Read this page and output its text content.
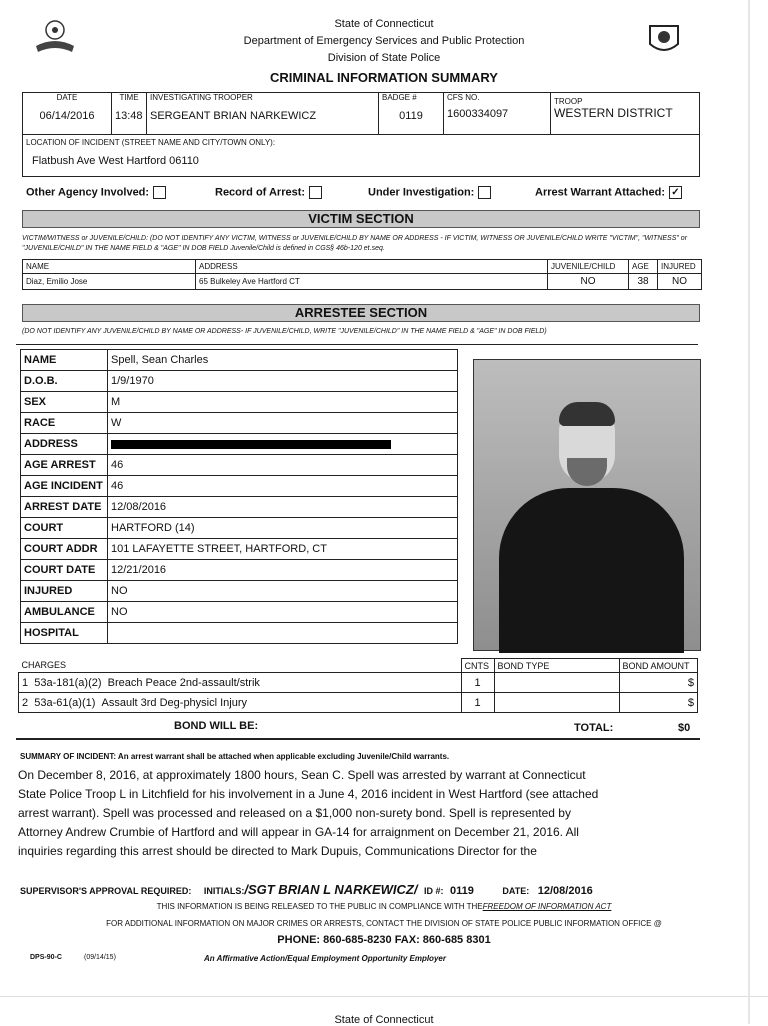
State of Connecticut
Department of Emergency Services and Public Protection
Division of State Police
CRIMINAL INFORMATION SUMMARY
DATE
06/14/2016

TIME
13:48

INVESTIGATING TROOPER
SERGEANT BRIAN NARKEWICZ

BADGE #
0119

CFS NO.
1600334097

TROOP
WESTERN DISTRICT

LOCATION OF INCIDENT (STREET NAME AND CITY/TOWN ONLY):
Flatbush Ave West Hartford 06110
Other Agency Involved:	Record of Arrest:	Under Investigation:	Arrest Warrant Attached: ✓
VICTIM SECTION
VICTIM/WITNESS or JUVENILE/CHILD: (DO NOT IDENTIFY ANY VICTIM, WITNESS or JUVENILE/CHILD BY NAME OR ADDRESS - IF VICTIM, WITNESS OR JUVENILE/CHILD WRITE "VICTIM", "WITNESS" or "JUVENILE/CHILD" IN THE NAME FIELD & "AGE" IN DOB FIELD Juvenile/Child is defined in CGS§ 46b-120 et.seq.
NAME	ADDRESS	JUVENILE/CHILD	AGE	INJURED
Diaz, Emilio Jose	65 Bulkeley Ave Hartford CT	NO	38	NO
ARRESTEE SECTION
(DO NOT IDENTIFY ANY JUVENILE/CHILD BY NAME OR ADDRESS- IF JUVENILE/CHILD, WRITE "JUVENILE/CHILD" IN THE NAME FIELD & "AGE" IN DOB FIELD)
NAME	Spell, Sean Charles
D.O.B.	1/9/1970
SEX	M
RACE	W
ADDRESS	

AGE ARREST	46
AGE INCIDENT	46
ARREST DATE	12/08/2016
COURT	HARTFORD (14)
COURT ADDR	101 LAFAYETTE STREET, HARTFORD, CT
COURT DATE	12/21/2016
INJURED	NO
AMBULANCE	NO
HOSPITAL	
CHARGES	CNTS	BOND TYPE	BOND AMOUNT
1 53a-181(a)(2) Breach Peace 2nd-assault/strik	1		$
2 53a-61(a)(1) Assault 3rd Deg-physicl Injury	1		$
BOND WILL BE:	TOTAL:	$0
SUMMARY OF INCIDENT: An arrest warrant shall be attached when applicable excluding Juvenile/Child warrants.
On December 8, 2016, at approximately 1800 hours, Sean C. Spell was arrested by warrant at Connecticut
State Police Troop L in Litchfield for his involvement in a June 4, 2016 incident in West Hartford (see attached
arrest warrant). Spell was processed and released on a $1,000 non-surety bond. Spell is represented by
Attorney Andrew Crumbie of Hartford and will appear in GA-14 for arraignment on December 21, 2016. All
inquiries regarding this arrest should be directed to Mark Dupuis, Communications Director for the
SUPERVISOR'S APPROVAL REQUIRED: INITIALS:/SGT BRIAN L NARKEWICZ/ ID #: 0119	DATE: 12/08/2016
THIS INFORMATION IS BEING RELEASED TO THE PUBLIC IN COMPLIANCE WITH THEFREEDOM OF INFORMATION ACT
FOR ADDITIONAL INFORMATION ON MAJOR CRIMES OR ARRESTS, CONTACT THE DIVISION OF STATE POLICE PUBLIC INFORMATION OFFICE @
PHONE: 860-685-8230 FAX: 860-685 8301
DPS-90-C	(09/14/15)	An Affirmative Action/Equal Employment Opportunity Employer
State of Connecticut
